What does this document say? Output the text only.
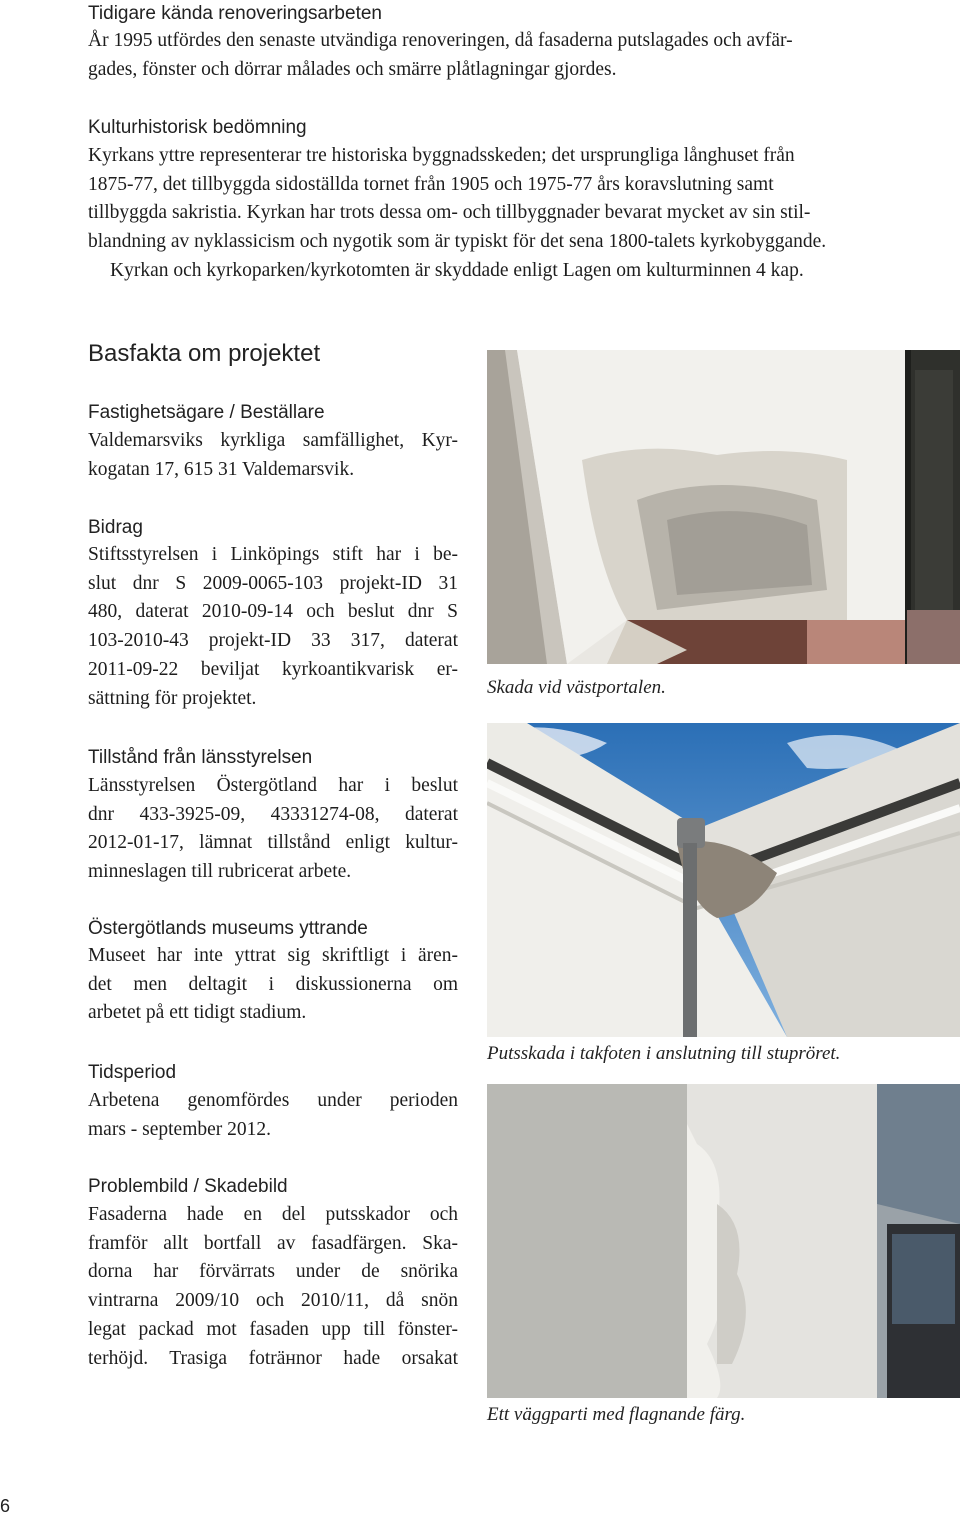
Tidigare kända renoveringsarbeten
År 1995 utfördes den senaste utvändiga renoveringen, då fasaderna putslagades och avfär-
gades, fönster och dörrar målades och smärre plåtlagningar gjordes.
Kulturhistorisk bedömning
Kyrkans yttre representerar tre historiska byggnadsskeden; det ursprungliga långhuset från
1875-77, det tillbyggda sidoställda tornet från 1905 och 1975-77 års koravslutning samt
tillbyggda sakristia. Kyrkan har trots dessa om- och tillbyggnader bevarat mycket av sin stil-
blandning av nyklassicism och nygotik som är typiskt för det sena 1800-talets kyrkobyggande.
Kyrkan och kyrkoparken/kyrkotomten är skyddade enligt Lagen om kulturminnen 4 kap.
Basfakta om projektet
Fastighetsägare / Beställare
Valdemarsviks kyrkliga samfällighet, Kyr-
kogatan 17, 615 31 Valdemarsvik.
Bidrag
Stiftsstyrelsen i Linköpings stift har i be-
slut dnr S 2009-0065-103 projekt-ID 31
480, daterat 2010-09-14 och beslut dnr S
103-2010-43 projekt-ID 33 317, daterat
2011-09-22 beviljat kyrkoantikvarisk er-
sättning för projektet.
Tillstånd från länsstyrelsen
Länsstyrelsen Östergötland har i beslut
dnr 433-3925-09, 43331274-08, daterat
2012-01-17, lämnat tillstånd enligt kultur-
minneslagen till rubricerat arbete.
Östergötlands museums yttrande
Museet har inte yttrat sig skriftligt i ären-
det men deltagit i diskussionerna om
arbetet på ett tidigt stadium.
Tidsperiod
Arbetena genomfördes under perioden
mars - september 2012.
Problembild / Skadebild
Fasaderna hade en del putsskador och
framför allt bortfall av fasadfärgen. Ska-
dorna har förvärrats under de snörika
vintrarna 2009/10 och 2010/11, då snön
legat packad mot fasaden upp till fönster-
terhöjd. Trasiga foträнnor hade orsakat
Skada vid västportalen.
Putsskada i takfoten i anslutning till stupröret.
Ett väggparti med flagnande färg.
6
